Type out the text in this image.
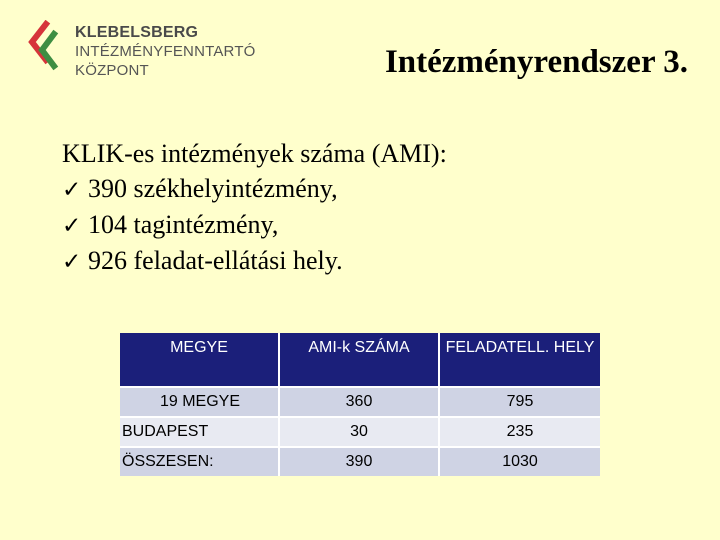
KLEBELSBERG
INTÉZMÉNYFENNTARTÓ
KÖZPONT	Intézményrendszer 3.
KLIK-es intézmények száma (AMI):
✓ 390 székhelyintézmény,
✓ 104 tagintézmény,
✓ 926 feladat-ellátási hely.
MEGYE	AMI-k SZÁMA	FELADATELL. HELY
19 MEGYE	360	795
BUDAPEST	30	235
ÖSSZESEN:	390	1030
